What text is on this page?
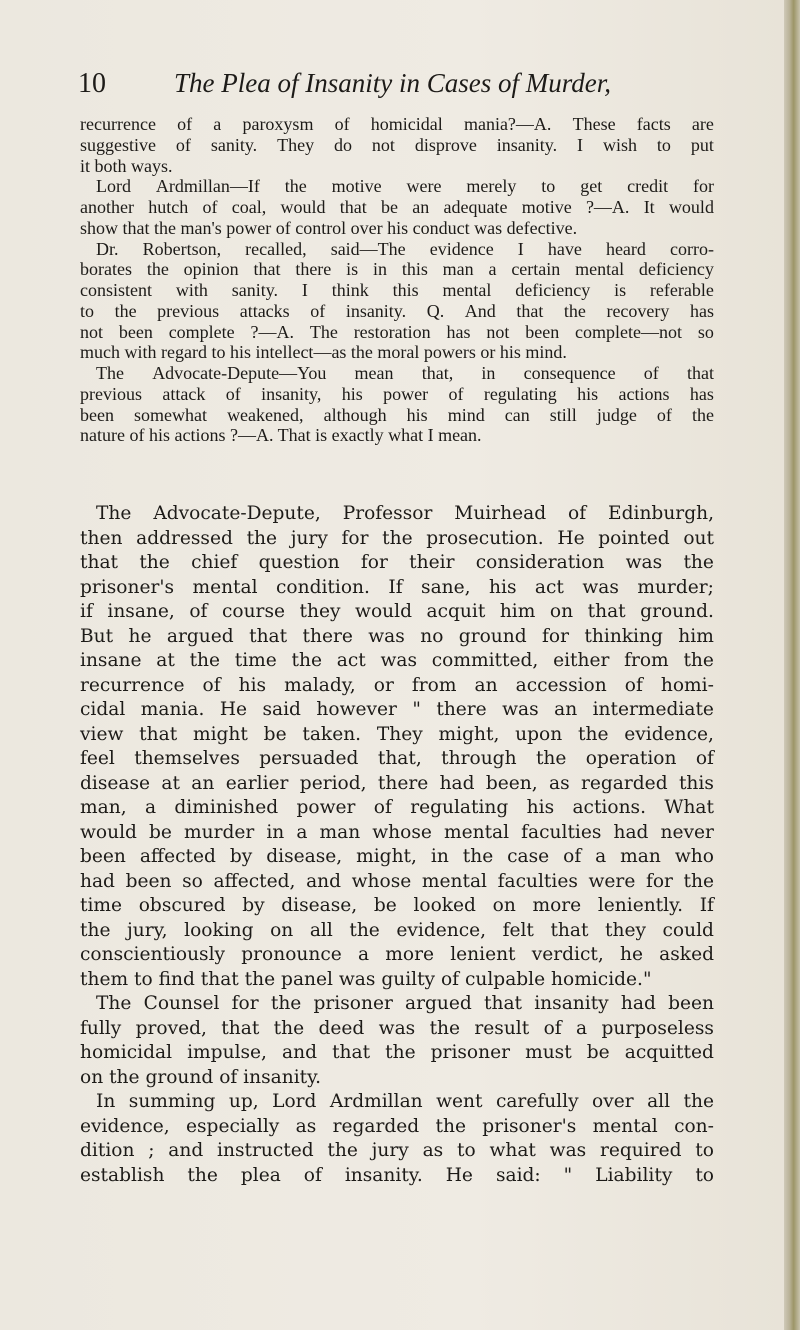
10	The Plea of Insanity in Cases of Murder,
recurrence of a paroxysm of homicidal mania?—A. These facts are
suggestive of sanity. They do not disprove insanity. I wish to put
it both ways.
Lord Ardmillan—If the motive were merely to get credit for
another hutch of coal, would that be an adequate motive ?—A. It would
show that the man's power of control over his conduct was defective.
Dr. Robertson, recalled, said—The evidence I have heard corro-
borates the opinion that there is in this man a certain mental deficiency
consistent with sanity. I think this mental deficiency is referable
to the previous attacks of insanity. Q. And that the recovery has
not been complete ?—A. The restoration has not been complete—not so
much with regard to his intellect—as the moral powers or his mind.
The Advocate-Depute—You mean that, in consequence of that
previous attack of insanity, his power of regulating his actions has
been somewhat weakened, although his mind can still judge of the
nature of his actions ?—A. That is exactly what I mean.
The Advocate-Depute, Professor Muirhead of Edinburgh,
then addressed the jury for the prosecution. He pointed out
that the chief question for their consideration was the
prisoner's mental condition. If sane, his act was murder;
if insane, of course they would acquit him on that ground.
But he argued that there was no ground for thinking him
insane at the time the act was committed, either from the
recurrence of his malady, or from an accession of homi-
cidal mania. He said however " there was an intermediate
view that might be taken. They might, upon the evidence,
feel themselves persuaded that, through the operation of
disease at an earlier period, there had been, as regarded this
man, a diminished power of regulating his actions. What
would be murder in a man whose mental faculties had never
been affected by disease, might, in the case of a man who
had been so affected, and whose mental faculties were for the
time obscured by disease, be looked on more leniently. If
the jury, looking on all the evidence, felt that they could
conscientiously pronounce a more lenient verdict, he asked
them to find that the panel was guilty of culpable homicide."
The Counsel for the prisoner argued that insanity had been
fully proved, that the deed was the result of a purposeless
homicidal impulse, and that the prisoner must be acquitted
on the ground of insanity.
In summing up, Lord Ardmillan went carefully over all the
evidence, especially as regarded the prisoner's mental con-
dition ; and instructed the jury as to what was required to
establish the plea of insanity. He said: " Liability to
